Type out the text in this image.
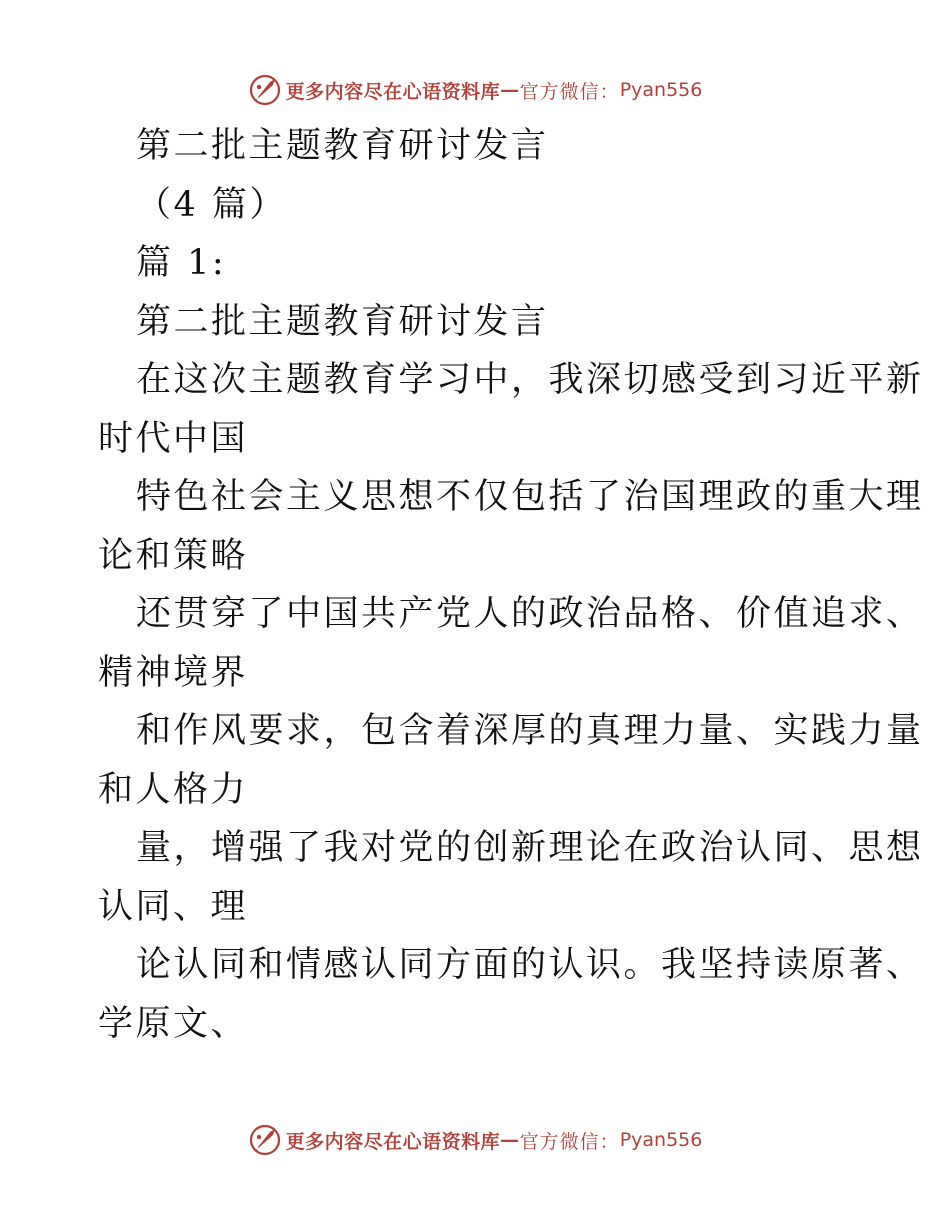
更多内容尽在心语资料库 — 官方微信： Pyan556
第二批主题教育研讨发言
（4 篇）
篇 1:
第二批主题教育研讨发言
在这次主题教育学习中，我深切感受到习近平新
时代中国
特色社会主义思想不仅包括了治国理政的重大理
论和策略
还贯穿了中国共产党人的政治品格、价值追求、
精神境界
和作风要求，包含着深厚的真理力量、实践力量
和人格力
量，增强了我对党的创新理论在政治认同、思想
认同、理
论认同和情感认同方面的认识。我坚持读原著、
学原文、
更多内容尽在心语资料库 — 官方微信： Pyan556
